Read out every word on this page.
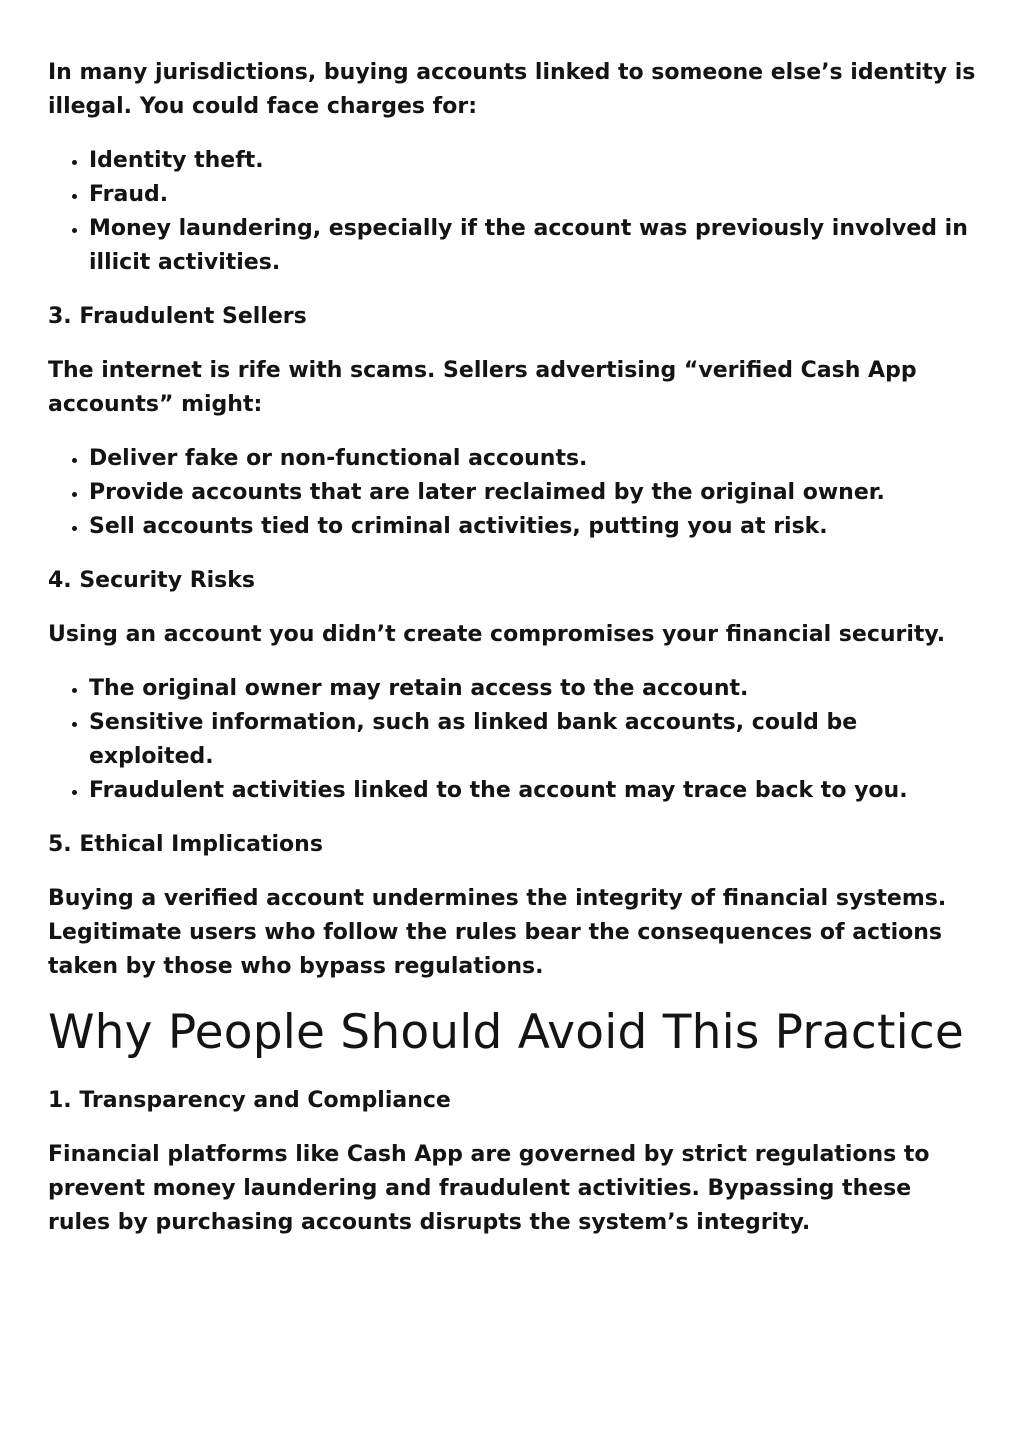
In many jurisdictions, buying accounts linked to someone else’s identity is illegal. You could face charges for:

• Identity theft.
• Fraud.
• Money laundering, especially if the account was previously involved in illicit activities.

3. Fraudulent Sellers

The internet is rife with scams. Sellers advertising “verified Cash App accounts” might:

• Deliver fake or non-functional accounts.
• Provide accounts that are later reclaimed by the original owner.
• Sell accounts tied to criminal activities, putting you at risk.

4. Security Risks

Using an account you didn’t create compromises your financial security.

• The original owner may retain access to the account.
• Sensitive information, such as linked bank accounts, could be exploited.
• Fraudulent activities linked to the account may trace back to you.

5. Ethical Implications

Buying a verified account undermines the integrity of financial systems. Legitimate users who follow the rules bear the consequences of actions taken by those who bypass regulations.

Why People Should Avoid This Practice

1. Transparency and Compliance

Financial platforms like Cash App are governed by strict regulations to prevent money laundering and fraudulent activities. Bypassing these rules by purchasing accounts disrupts the system’s integrity.
